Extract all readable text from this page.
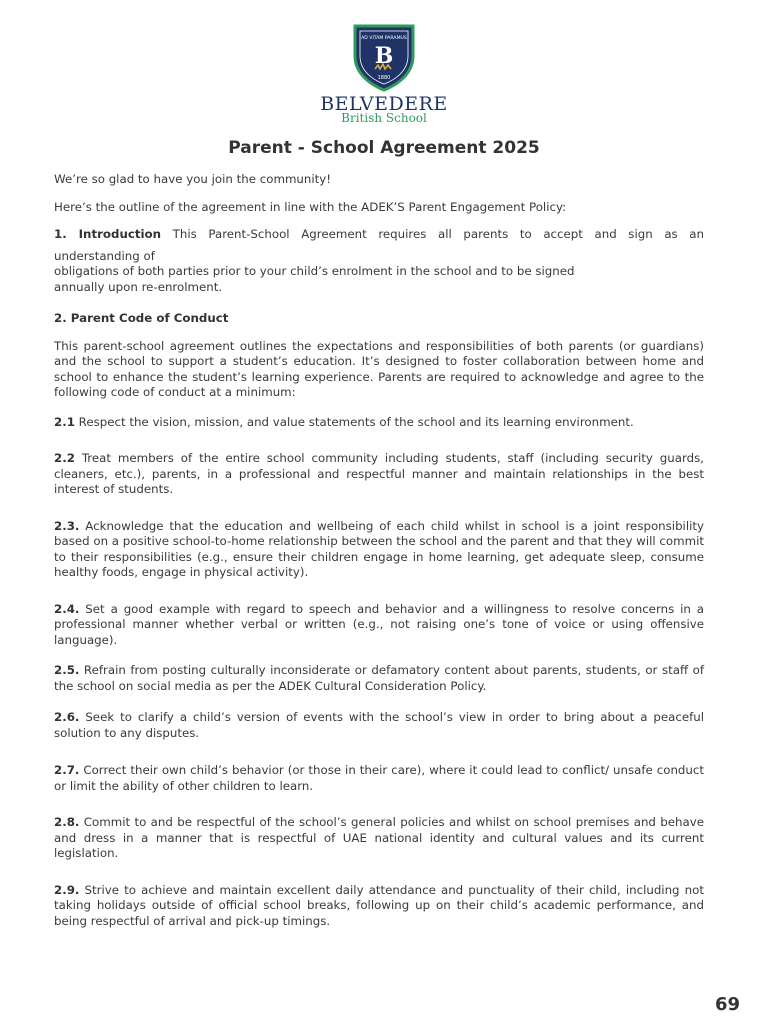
AD VITAM PARAMUS
B
1880
BELVEDERE
British School
Parent - School Agreement 2025

We’re so glad to have you join the community!

Here’s the outline of the agreement in line with the ADEK’S Parent Engagement Policy:

1. Introduction This Parent-School Agreement requires all parents to accept and sign as an

understanding of

obligations of both parties prior to your child’s enrolment in the school and to be signed

annually upon re-enrolment.

2. Parent Code of Conduct

This parent-school agreement outlines the expectations and responsibilities of both parents (or guardians) and the school to support a student’s education. It’s designed to foster collaboration between home and school to enhance the student’s learning experience. Parents are required to acknowledge and agree to the following code of conduct at a minimum:

2.1 Respect the vision, mission, and value statements of the school and its learning environment.

2.2 Treat members of the entire school community including students, staff (including security guards, cleaners, etc.), parents, in a professional and respectful manner and maintain relationships in the best interest of students.

2.3. Acknowledge that the education and wellbeing of each child whilst in school is a joint responsibility based on a positive school-to-home relationship between the school and the parent and that they will commit to their responsibilities (e.g., ensure their children engage in home learning, get adequate sleep, consume healthy foods, engage in physical activity).

2.4. Set a good example with regard to speech and behavior and a willingness to resolve concerns in a professional manner whether verbal or written (e.g., not raising one’s tone of voice or using offensive language).

2.5. Refrain from posting culturally inconsiderate or defamatory content about parents, students, or staff of the school on social media as per the ADEK Cultural Consideration Policy.

2.6. Seek to clarify a child’s version of events with the school’s view in order to bring about a peaceful solution to any disputes.

2.7. Correct their own child’s behavior (or those in their care), where it could lead to conflict/ unsafe conduct or limit the ability of other children to learn.

2.8. Commit to and be respectful of the school’s general policies and whilst on school premises and behave and dress in a manner that is respectful of UAE national identity and cultural values and its current legislation.

2.9. Strive to achieve and maintain excellent daily attendance and punctuality of their child, including not taking holidays outside of official school breaks, following up on their child’s academic performance, and being respectful of arrival and pick-up timings.

69
